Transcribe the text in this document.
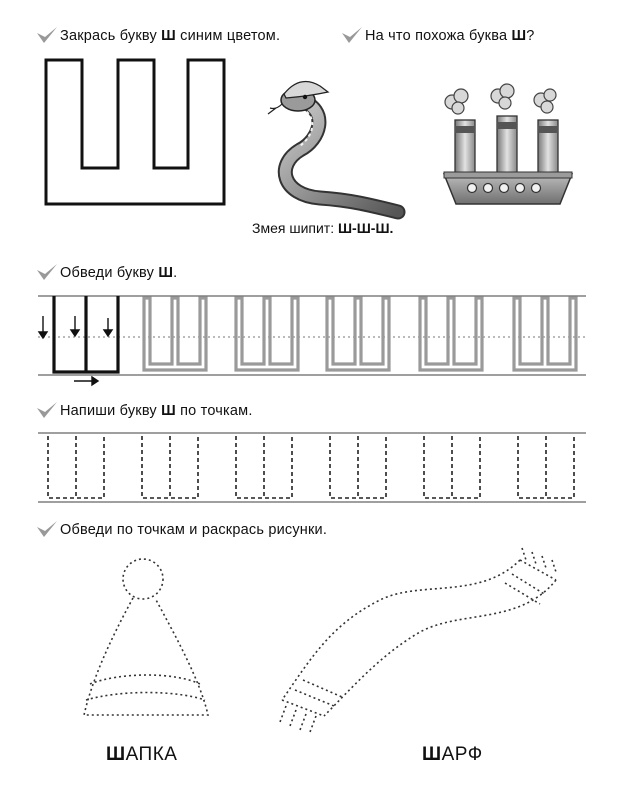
Закрась букву Ш синим цветом.	На что похожа буква Ш?
Змея шипит: Ш-Ш-Ш.
Обведи букву Ш.
Напиши букву Ш по точкам.
Обведи по точкам и раскрась рисунки.
ШАПКА	ШАРФ
